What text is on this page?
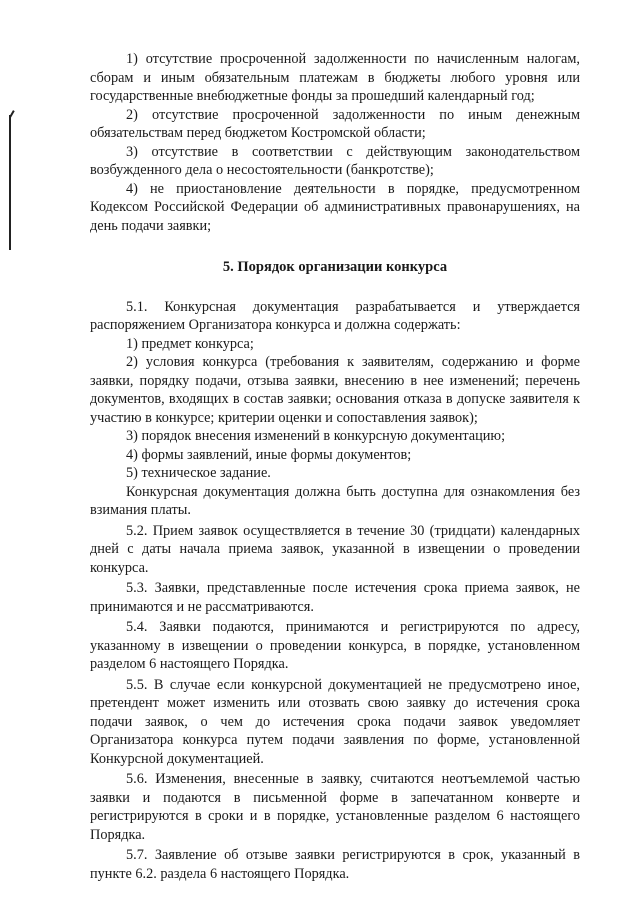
1) отсутствие просроченной задолженности по начисленным налогам, сборам и иным обязательным платежам в бюджеты любого уровня или государственные внебюджетные фонды за прошедший календарный год;

2) отсутствие просроченной задолженности по иным денежным обязательствам перед бюджетом Костромской области;

3) отсутствие в соответствии с действующим законодательством возбужденного дела о несостоятельности (банкротстве);

4) не приостановление деятельности в порядке, предусмотренном Кодексом Российской Федерации об административных правонарушениях, на день подачи заявки;

5. Порядок организации конкурса

5.1. Конкурсная документация разрабатывается и утверждается распоряжением Организатора конкурса и должна содержать:

1) предмет конкурса;

2) условия конкурса (требования к заявителям, содержанию и форме заявки, порядку подачи, отзыва заявки, внесению в нее изменений; перечень документов, входящих в состав заявки; основания отказа в допуске заявителя к участию в конкурсе; критерии оценки и сопоставления заявок);

3) порядок внесения изменений в конкурсную документацию;

4) формы заявлений, иные формы документов;

5) техническое задание.

Конкурсная документация должна быть доступна для ознакомления без взимания платы.

5.2. Прием заявок осуществляется в течение 30 (тридцати) календарных дней с даты начала приема заявок, указанной в извещении о проведении конкурса.

5.3. Заявки, представленные после истечения срока приема заявок, не принимаются и не рассматриваются.

5.4. Заявки подаются, принимаются и регистрируются по адресу, указанному в извещении о проведении конкурса, в порядке, установленном разделом 6 настоящего Порядка.

5.5. В случае если конкурсной документацией не предусмотрено иное, претендент может изменить или отозвать свою заявку до истечения срока подачи заявок, о чем до истечения срока подачи заявок уведомляет Организатора конкурса путем подачи заявления по форме, установленной Конкурсной документацией.

5.6. Изменения, внесенные в заявку, считаются неотъемлемой частью заявки и подаются в письменной форме в запечатанном конверте и регистрируются в сроки и в порядке, установленные разделом 6 настоящего Порядка.

5.7. Заявление об отзыве заявки регистрируются в срок, указанный в пункте 6.2. раздела 6 настоящего Порядка.
